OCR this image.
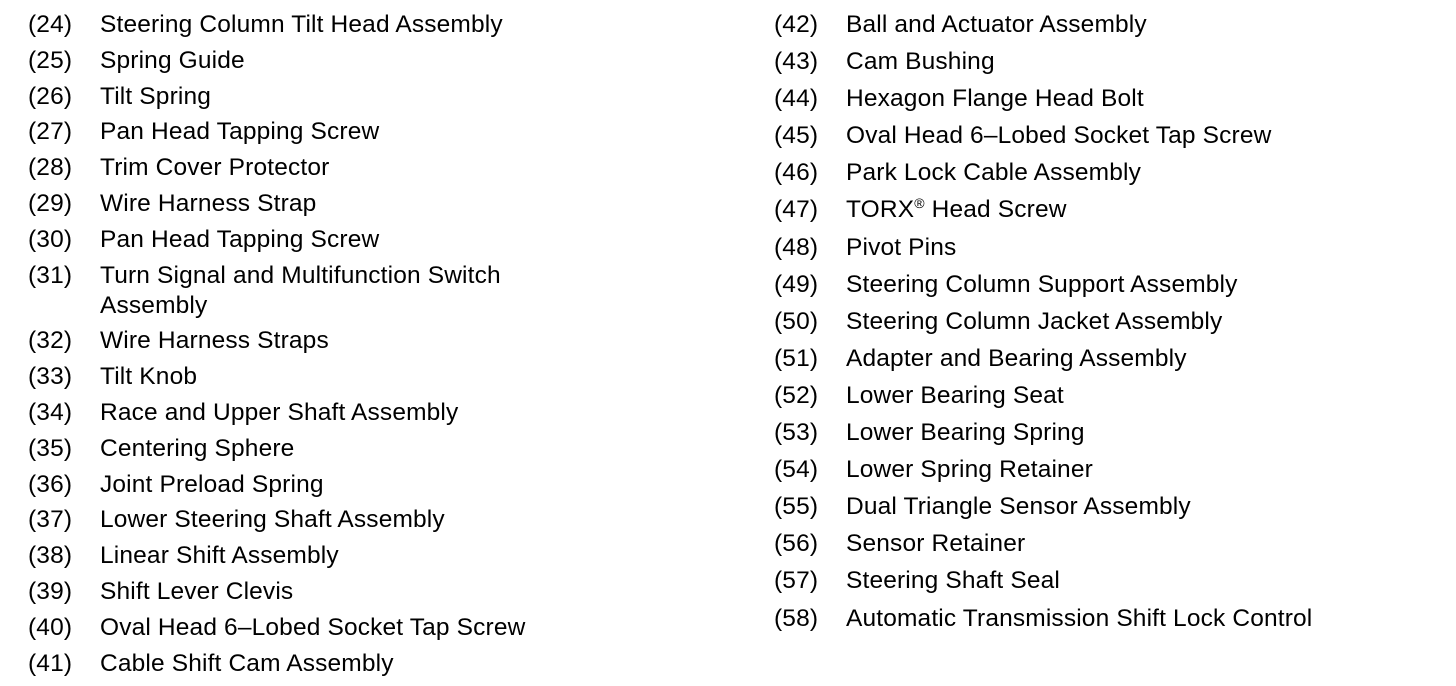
(24)	Steering Column Tilt Head Assembly
(25)	Spring Guide
(26)	Tilt Spring
(27)	Pan Head Tapping Screw
(28)	Trim Cover Protector
(29)	Wire Harness Strap
(30)	Pan Head Tapping Screw
(31)	Turn Signal and Multifunction Switch
Assembly
(32)	Wire Harness Straps
(33)	Tilt Knob
(34)	Race and Upper Shaft Assembly
(35)	Centering Sphere
(36)	Joint Preload Spring
(37)	Lower Steering Shaft Assembly
(38)	Linear Shift Assembly
(39)	Shift Lever Clevis
(40)	Oval Head 6–Lobed Socket Tap Screw
(41)	Cable Shift Cam Assembly
(42)	Ball and Actuator Assembly
(43)	Cam Bushing
(44)	Hexagon Flange Head Bolt
(45)	Oval Head 6–Lobed Socket Tap Screw
(46)	Park Lock Cable Assembly
(47)	TORX® Head Screw
(48)	Pivot Pins
(49)	Steering Column Support Assembly
(50)	Steering Column Jacket Assembly
(51)	Adapter and Bearing Assembly
(52)	Lower Bearing Seat
(53)	Lower Bearing Spring
(54)	Lower Spring Retainer
(55)	Dual Triangle Sensor Assembly
(56)	Sensor Retainer
(57)	Steering Shaft Seal
(58)	Automatic Transmission Shift Lock Control
